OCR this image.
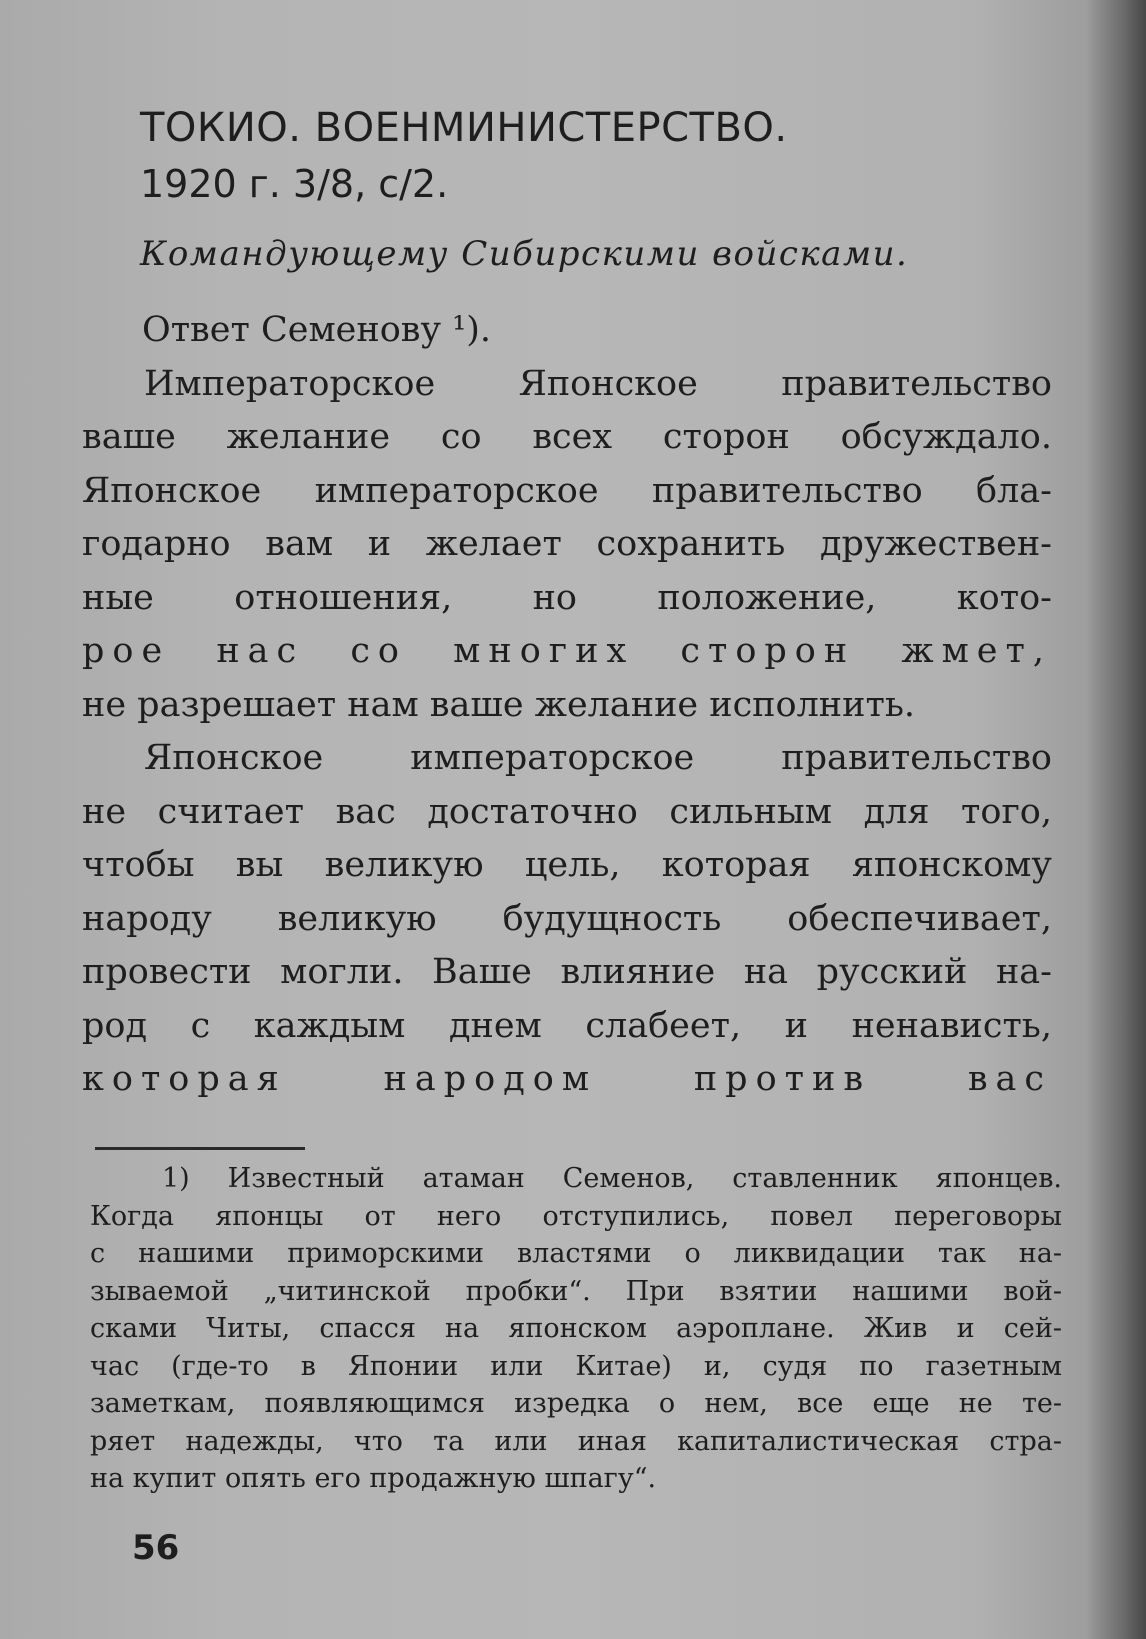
ТОКИО. ВОЕНМИНИСТЕРСТВО.
1920 г. 3/8, с/2.
Командующему Сибирскими войсками.
Ответ Семенову ¹).
Императорское Японское правительство
ваше желание со всех сторон обсуждало.
Японское императорское правительство бла-
годарно вам и желает сохранить дружествен-
ные отношения, но положение, кото-
рое нас со многих сторон жмет,
не разрешает нам ваше желание исполнить.
Японское императорское правительство
не считает вас достаточно сильным для того,
чтобы вы великую цель, которая японскому
народу великую будущность обеспечивает,
провести могли. Ваше влияние на русский на-
род с каждым днем слабеет, и ненависть,
которая народом против вас
1) Известный атаман Семенов, ставленник японцев.
Когда японцы от него отступились, повел переговоры
с нашими приморскими властями о ликвидации так на-
зываемой „читинской пробки“. При взятии нашими вой-
сками Читы, спасся на японском аэроплане. Жив и сей-
час (где-то в Японии или Китае) и, судя по газетным
заметкам, появляющимся изредка о нем, все еще не те-
ряет надежды, что та или иная капиталистическая стра-
на купит опять его продажную шпагу“.
56
